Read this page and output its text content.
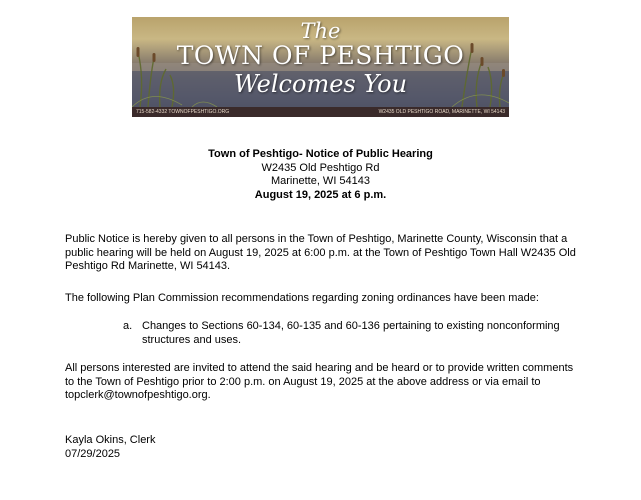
The
TOWN OF PESHTIGO
Welcomes You
715-582-4332 TOWNOFPESHTIGO.ORG	W2435 OLD PESHTIGO ROAD, MARINETTE, WI 54143
Town of Peshtigo- Notice of Public Hearing
W2435 Old Peshtigo Rd
Marinette, WI 54143
August 19, 2025 at 6 p.m.

Public Notice is hereby given to all persons in the Town of Peshtigo, Marinette County, Wisconsin that a public hearing will be held on August 19, 2025 at 6:00 p.m. at the Town of Peshtigo Town Hall W2435 Old Peshtigo Rd Marinette, WI 54143.

The following Plan Commission recommendations regarding zoning ordinances have been made:

a. Changes to Sections 60-134, 60-135 and 60-136 pertaining to existing nonconforming structures and uses.

All persons interested are invited to attend the said hearing and be heard or to provide written comments to the Town of Peshtigo prior to 2:00 p.m. on August 19, 2025 at the above address or via email to topclerk@townofpeshtigo.org.

Kayla Okins, Clerk
07/29/2025
